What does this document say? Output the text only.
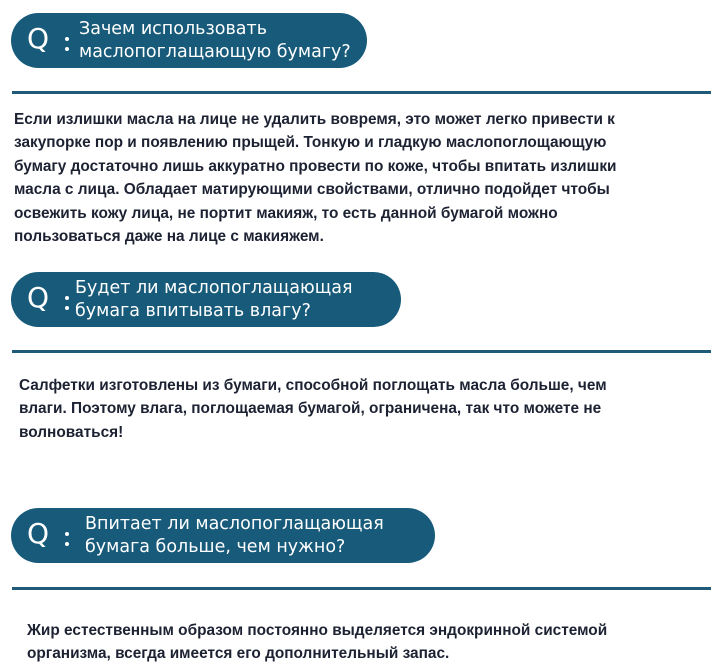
Q Зачем использовать
маслопоглащающую бумагу?
Если излишки масла на лице не удалить вовремя, это может легко привести к
закупорке пор и появлению прыщей. Тонкую и гладкую маслопоглощающую
бумагу достаточно лишь аккуратно провести по коже, чтобы впитать излишки
масла с лица. Обладает матирующими свойствами, отлично подойдет чтобы
освежить кожу лица, не портит макияж, то есть данной бумагой можно
пользоваться даже на лице с макияжем.
Q Будет ли маслопоглащающая
бумага впитывать влагу?
Салфетки изготовлены из бумаги, способной поглощать масла больше, чем
влаги. Поэтому влага, поглощаемая бумагой, ограничена, так что можете не
волноваться!
Q Впитает ли маслопоглащающая
бумага больше, чем нужно?
Жир естественным образом постоянно выделяется эндокринной системой
организма, всегда имеется его дополнительный запас.
